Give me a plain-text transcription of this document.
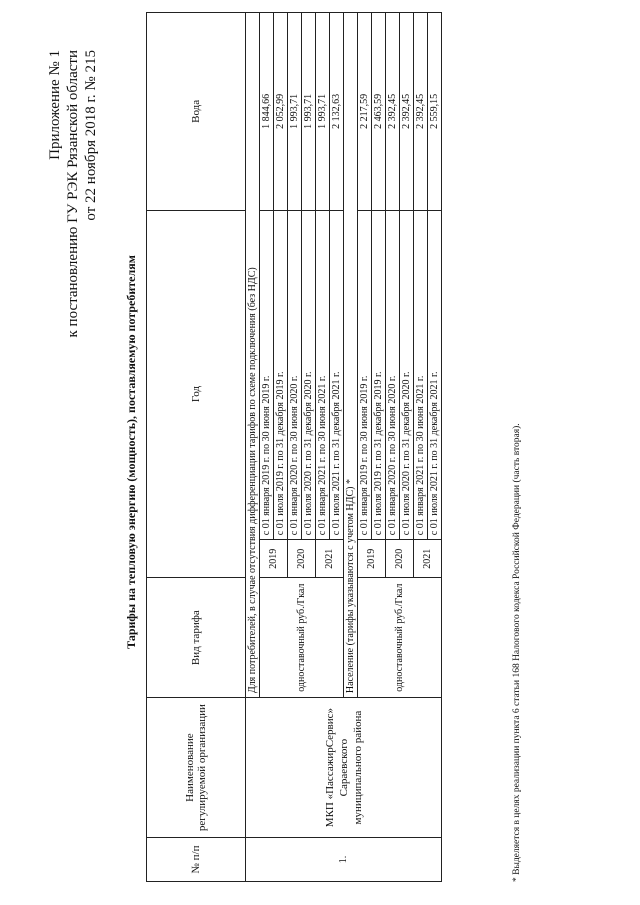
Приложение № 1 к постановлению ГУ РЭК Рязанской области от 22 ноября 2018 г. № 215
Тарифы на тепловую энергию (мощность), поставляемую потребителям
№ п/п	Наименование регулируемой организации	Вид тарифа	Год		Вода
1.	МКП «ПассажирСервис» Сараевского муниципального района	Для потребителей, в случае отсутствия дифференциации тарифов по схеме подключения (без НДС)			
		одноставочный руб./Гкал	2019	с 01 января 2019 г. по 30 июня 2019 г.	1 844,66
				с 01 июля 2019 г. по 31 декабря 2019 г.	2 052,99
			2020	с 01 января 2020 г. по 30 июня 2020 г.	1 993,71
				с 01 июля 2020 г. по 31 декабря 2020 г.	1 993,71
			2021	с 01 января 2021 г. по 30 июня 2021 г.	1 993,71
				с 01 июля 2021 г. по 31 декабря 2021 г.	2 132,63
		Население (тарифы указываются с учетом НДС) *			
		одноставочный руб./Гкал	2019	с 01 января 2019 г. по 30 июня 2019 г.	2 217,59
				с 01 июля 2019 г. по 31 декабря 2019 г.	2 463,59
			2020	с 01 января 2020 г. по 30 июня 2020 г.	2 392,45
				с 01 июля 2020 г. по 31 декабря 2020 г.	2 392,45
			2021	с 01 января 2021 г. по 30 июня 2021 г.	2 392,45
				с 01 июля 2021 г. по 31 декабря 2021 г.	2 559,15
* Выделяется в целях реализации пункта 6 статьи 168 Налогового кодекса Российской Федерации (часть вторая).
